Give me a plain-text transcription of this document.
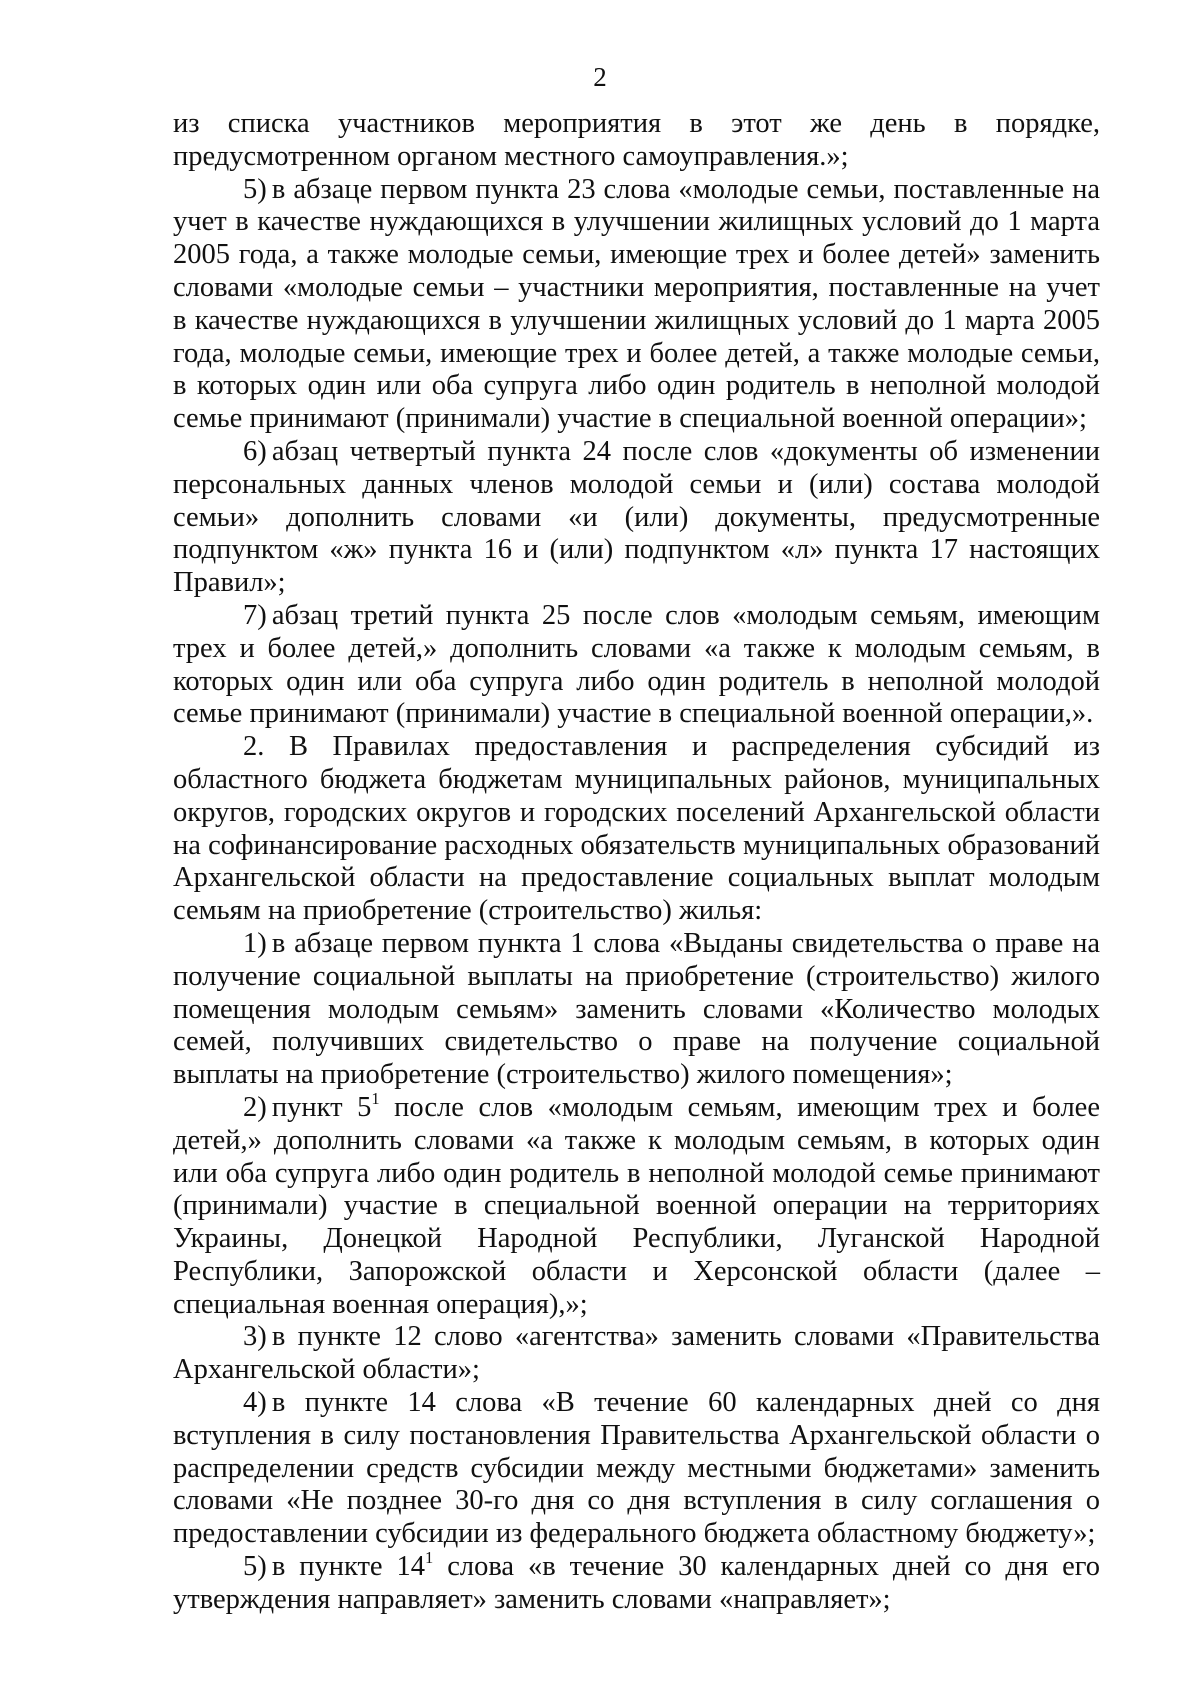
2

из списка участников мероприятия в этот же день в порядке, предусмотренном органом местного самоуправления.»;

5) в абзаце первом пункта 23 слова «молодые семьи, поставленные на учет в качестве нуждающихся в улучшении жилищных условий до 1 марта 2005 года, а также молодые семьи, имеющие трех и более детей» заменить словами «молодые семьи – участники мероприятия, поставленные на учет в качестве нуждающихся в улучшении жилищных условий до 1 марта 2005 года, молодые семьи, имеющие трех и более детей, а также молодые семьи, в которых один или оба супруга либо один родитель в неполной молодой семье принимают (принимали) участие в специальной военной операции»;

6) абзац четвертый пункта 24 после слов «документы об изменении персональных данных членов молодой семьи и (или) состава молодой семьи» дополнить словами «и (или) документы, предусмотренные подпунктом «ж» пункта 16 и (или) подпунктом «л» пункта 17 настоящих Правил»;

7) абзац третий пункта 25 после слов «молодым семьям, имеющим трех и более детей,» дополнить словами «а также к молодым семьям, в которых один или оба супруга либо один родитель в неполной молодой семье принимают (принимали) участие в специальной военной операции,».

2. В Правилах предоставления и распределения субсидий из областного бюджета бюджетам муниципальных районов, муниципальных округов, городских округов и городских поселений Архангельской области на софинансирование расходных обязательств муниципальных образований Архангельской области на предоставление социальных выплат молодым семьям на приобретение (строительство) жилья:

1) в абзаце первом пункта 1 слова «Выданы свидетельства о праве на получение социальной выплаты на приобретение (строительство) жилого помещения молодым семьям» заменить словами «Количество молодых семей, получивших свидетельство о праве на получение социальной выплаты на приобретение (строительство) жилого помещения»;

2) пункт $5^1$ после слов «молодым семьям, имеющим трех и более детей,» дополнить словами «а также к молодым семьям, в которых один или оба супруга либо один родитель в неполной молодой семье принимают (принимали) участие в специальной военной операции на территориях Украины, Донецкой Народной Республики, Луганской Народной Республики, Запорожской области и Херсонской области (далее – специальная военная операция),»;

3) в пункте 12 слово «агентства» заменить словами «Правительства Архангельской области»;

4) в пункте 14 слова «В течение 60 календарных дней со дня вступления в силу постановления Правительства Архангельской области о распределении средств субсидии между местными бюджетами» заменить словами «Не позднее 30-го дня со дня вступления в силу соглашения о предоставлении субсидии из федерального бюджета областному бюджету»;

5) в пункте $14^1$ слова «в течение 30 календарных дней со дня его утверждения направляет» заменить словами «направляет»;
